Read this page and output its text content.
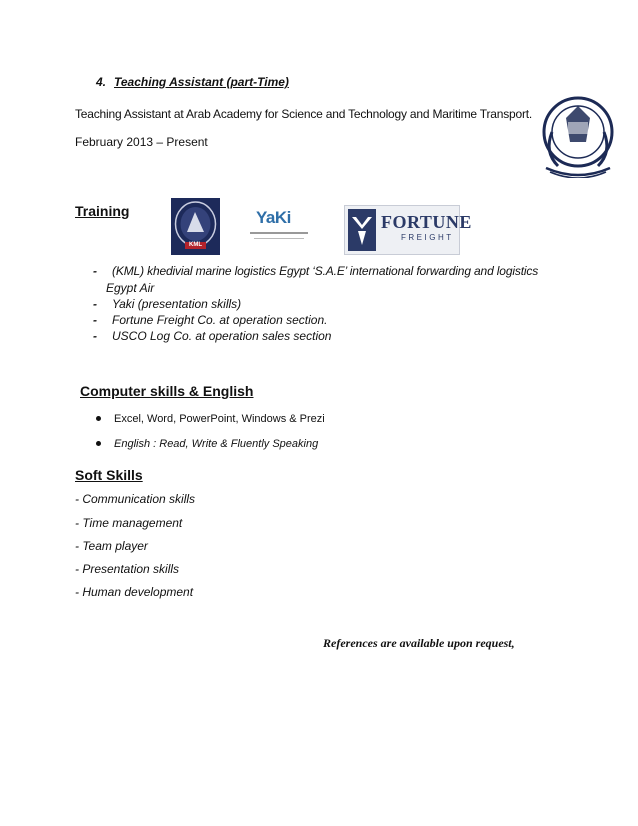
4. Teaching Assistant (part-Time)
Teaching Assistant at Arab Academy for Science and Technology and Maritime Transport.
February 2013 – Present
Training
KML
YaKi	FORTUNE
FREIGHT
- (KML) khedivial marine logistics Egypt ‘S.A.E’ international forwarding and logistics
Egypt Air
- Yaki (presentation skills)
- Fortune Freight Co. at operation section.
- USCO Log Co. at operation sales section
Computer skills & English
Excel, Word, PowerPoint, Windows & Prezi
English : Read, Write & Fluently Speaking
Soft Skills
- Communication skills
- Time management
- Team player
- Presentation skills
- Human development
References are available upon request,
